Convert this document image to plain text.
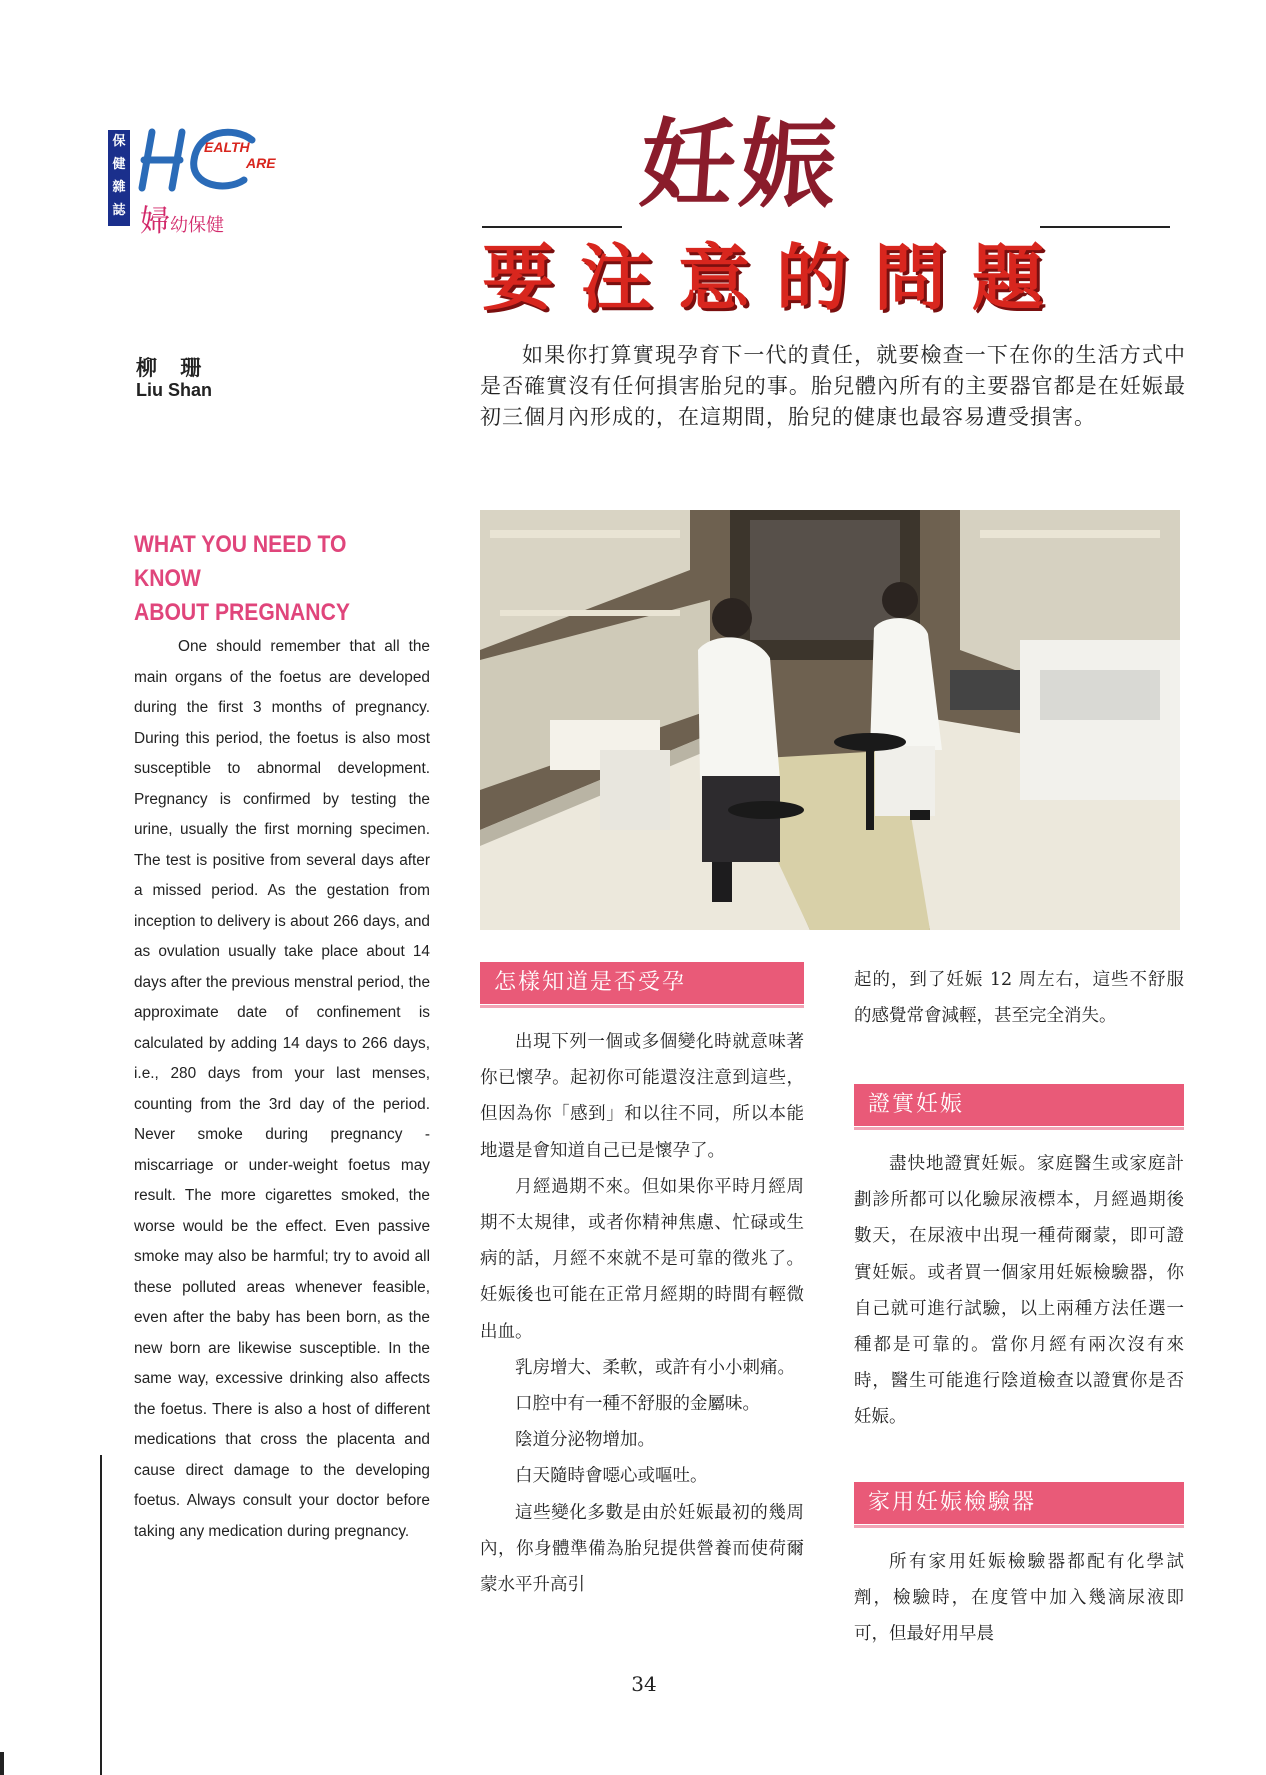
保
健
雜
誌
EALTH
ARE
婦幼保健
妊娠
要注意的問題
柳 珊
Liu Shan

如果你打算實現孕育下一代的責任，就要檢查一下在你的生活方式中是否確實沒有任何損害胎兒的事。胎兒體內所有的主要器官都是在妊娠最初三個月內形成的，在這期間，胎兒的健康也最容易遭受損害。

WHAT YOU NEED TO KNOW
ABOUT PREGNANCY

One should remember that all the main organs of the foetus are developed during the first 3 months of pregnancy. During this period, the foetus is also most susceptible to abnormal development. Pregnancy is confirmed by testing the urine, usually the first morning specimen. The test is positive from several days after a missed period. As the gestation from inception to delivery is about 266 days, and as ovulation usually take place about 14 days after the previous menstral period, the approximate date of confinement is calculated by adding 14 days to 266 days, i.e., 280 days from your last menses, counting from the 3rd day of the period. Never smoke during pregnancy - miscarriage or under-weight foetus may result. The more cigarettes smoked, the worse would be the effect. Even passive smoke may also be harmful; try to avoid all these polluted areas whenever feasible, even after the baby has been born, as the new born are likewise susceptible. In the same way, excessive drinking also affects the foetus. There is also a host of different medications that cross the placenta and cause direct damage to the developing foetus. Always consult your doctor before taking any medication during pregnancy.

怎樣知道是否受孕

出現下列一個或多個變化時就意味著你已懷孕。起初你可能還沒注意到這些，但因為你「感到」和以往不同，所以本能地還是會知道自己已是懷孕了。

月經過期不來。但如果你平時月經周期不太規律，或者你精神焦慮、忙碌或生病的話，月經不來就不是可靠的徵兆了。妊娠後也可能在正常月經期的時間有輕微出血。

乳房增大、柔軟，或許有小小刺痛。

口腔中有一種不舒服的金屬味。

陰道分泌物增加。

白天隨時會噁心或嘔吐。

這些變化多數是由於妊娠最初的幾周內，你身體準備為胎兒提供營養而使荷爾蒙水平升高引

起的，到了妊娠 12 周左右，這些不舒服的感覺常會減輕，甚至完全消失。

證實妊娠

盡快地證實妊娠。家庭醫生或家庭計劃診所都可以化驗尿液標本，月經過期後數天，在尿液中出現一種荷爾蒙，即可證實妊娠。或者買一個家用妊娠檢驗器，你自己就可進行試驗，以上兩種方法任選一種都是可靠的。當你月經有兩次沒有來時，醫生可能進行陰道檢查以證實你是否妊娠。

家用妊娠檢驗器

所有家用妊娠檢驗器都配有化學試劑，檢驗時，在度管中加入幾滴尿液即可，但最好用早晨

34
